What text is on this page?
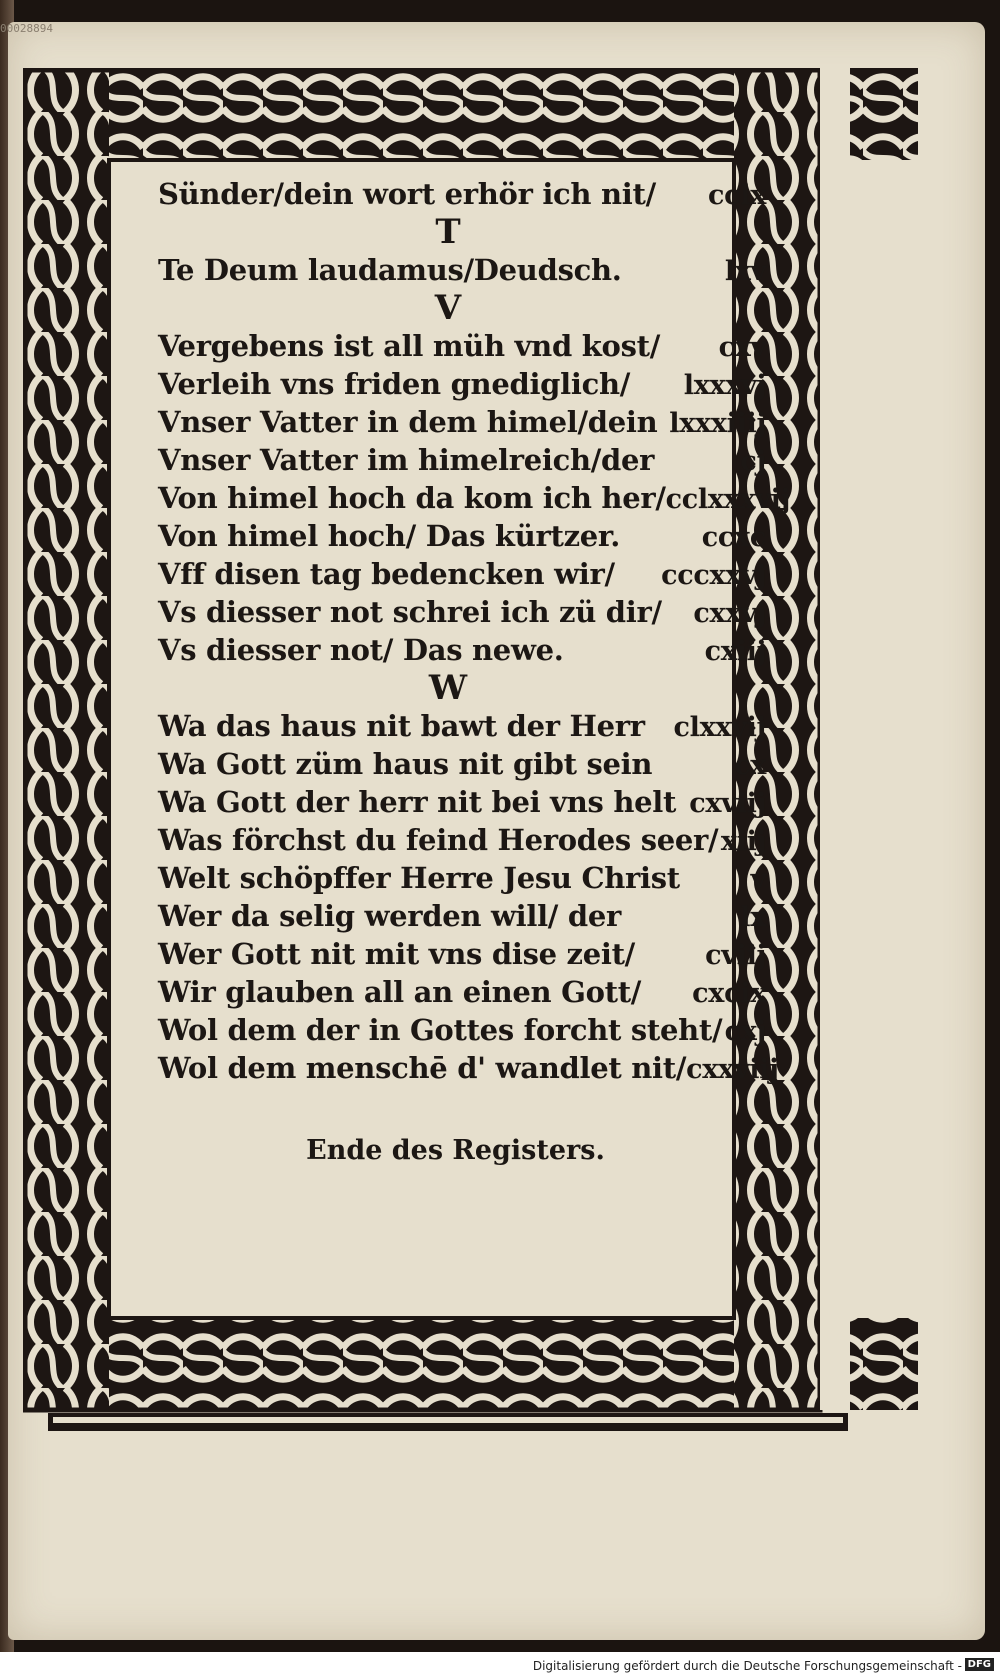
00028894
Sünder/dein wort erhör ich nit/ cclx
T
Te Deum laudamus/Deudsch.	lxv
V
Vergebens ist all müh vnd kost/ cxv
Verleih vns friden gnediglich/ lxxxvj
Vnser Vatter in dem himel/dein lxxxiiij
Vnser Vatter im himelreich/der	cj
Von himel hoch da kom ich her/ cclxxxvij
Von himel hoch/ Das kürtzer.	ccxc
Vff disen tag bedencken wir/ cccxxvj
Vs diesser not schrei ich zü dir/ cxxvj
Vs diesser not/ Das newe.	cxiij
W
Wa das haus nit bawt der Herr clxxvij
Wa Gott züm haus nit gibt sein	cx
Wa Gott der herr nit bei vns helt cxviij
Was förchst du feind Herodes seer/ xiij
Welt schöpffer Herre Jesu Christ	v
Wer da selig werden will/ der	lx
Wer Gott nit mit vns dise zeit/	cviij
Wir glauben all an einen Gott/ cxcix
Wol dem der in Gottes forcht steht/ cxj
Wol dem menschē d' wandlet nit/ cxxviij
Ende des Registers.
Digitalisierung gefördert durch die Deutsche Forschungsgemeinschaft - DFG
